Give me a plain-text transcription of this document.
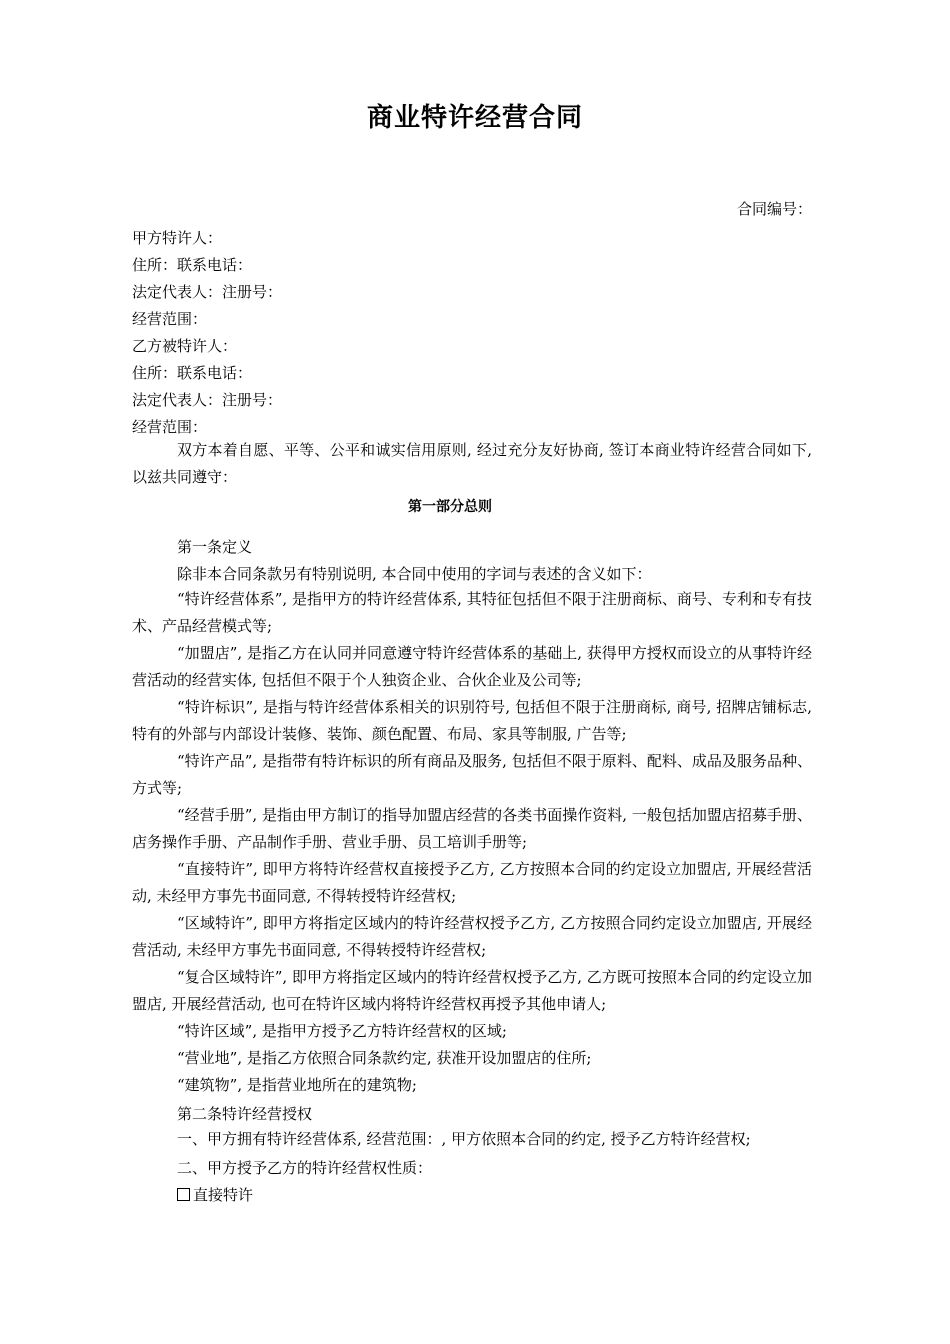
商业特许经营合同
合同编号：
甲方特许人：
住所：联系电话：
法定代表人：注册号：
经营范围：
乙方被特许人：
住所：联系电话：
法定代表人：注册号：
经营范围：
双方本着自愿、平等、公平和诚实信用原则, 经过充分友好协商, 签订本商业特许经营合同如下, 以兹共同遵守：
第一部分总则
第一条定义
除非本合同条款另有特别说明, 本合同中使用的字词与表述的含义如下：
“特许经营体系”, 是指甲方的特许经营体系, 其特征包括但不限于注册商标、商号、专利和专有技术、产品经营模式等;
“加盟店”, 是指乙方在认同并同意遵守特许经营体系的基础上, 获得甲方授权而设立的从事特许经营活动的经营实体, 包括但不限于个人独资企业、合伙企业及公司等;
“特许标识”, 是指与特许经营体系相关的识别符号, 包括但不限于注册商标, 商号, 招牌店铺标志, 特有的外部与内部设计装修、装饰、颜色配置、布局、家具等制服, 广告等;
“特许产品”, 是指带有特许标识的所有商品及服务, 包括但不限于原料、配料、成品及服务品种、方式等;
“经营手册”, 是指由甲方制订的指导加盟店经营的各类书面操作资料, 一般包括加盟店招募手册、店务操作手册、产品制作手册、营业手册、员工培训手册等;
“直接特许”, 即甲方将特许经营权直接授予乙方, 乙方按照本合同的约定设立加盟店, 开展经营活动, 未经甲方事先书面同意, 不得转授特许经营权;
“区域特许”, 即甲方将指定区域内的特许经营权授予乙方, 乙方按照合同约定设立加盟店, 开展经营活动, 未经甲方事先书面同意, 不得转授特许经营权;
“复合区域特许”, 即甲方将指定区域内的特许经营权授予乙方, 乙方既可按照本合同的约定设立加盟店, 开展经营活动, 也可在特许区域内将特许经营权再授予其他申请人;
“特许区域”, 是指甲方授予乙方特许经营权的区域;
“营业地”, 是指乙方依照合同条款约定, 获准开设加盟店的住所;
“建筑物”, 是指营业地所在的建筑物;
第二条特许经营授权
一、甲方拥有特许经营体系, 经营范围：, 甲方依照本合同的约定, 授予乙方特许经营权;
二、甲方授予乙方的特许经营权性质：
直接特许
